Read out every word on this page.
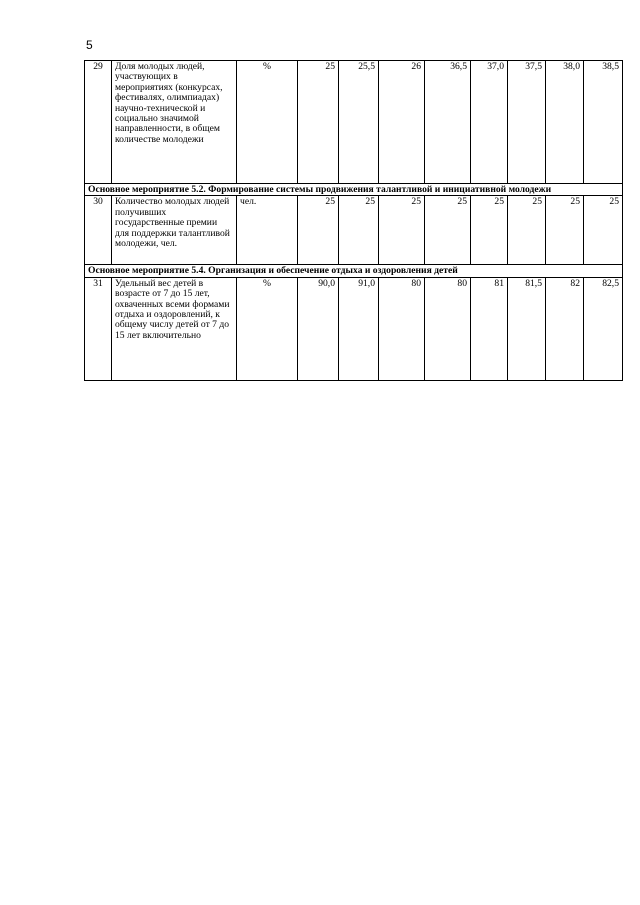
5
29	Доля молодых людей, участвующих в мероприятиях (конкурсах, фестивалях, олимпиадах) научно-технической и социально значимой направленности, в общем количестве молодежи	%	25	25,5	26	36,5	37,0	37,5	38,0	38,5
Основное мероприятие 5.2. Формирование системы продвижения талантливой и инициативной молодежи										
30	Количество молодых людей получивших государственные премии для поддержки талантливой молодежи, чел.	чел.	25	25	25	25	25	25	25	25
Основное мероприятие 5.4. Организация и обеспечение отдыха и оздоровления детей										
31	Удельный вес детей в возрасте от 7 до 15 лет, охваченных всеми формами отдыха и оздоровлений, к общему числу детей от 7 до 15 лет включительно	%	90,0	91,0	80	80	81	81,5	82	82,5
